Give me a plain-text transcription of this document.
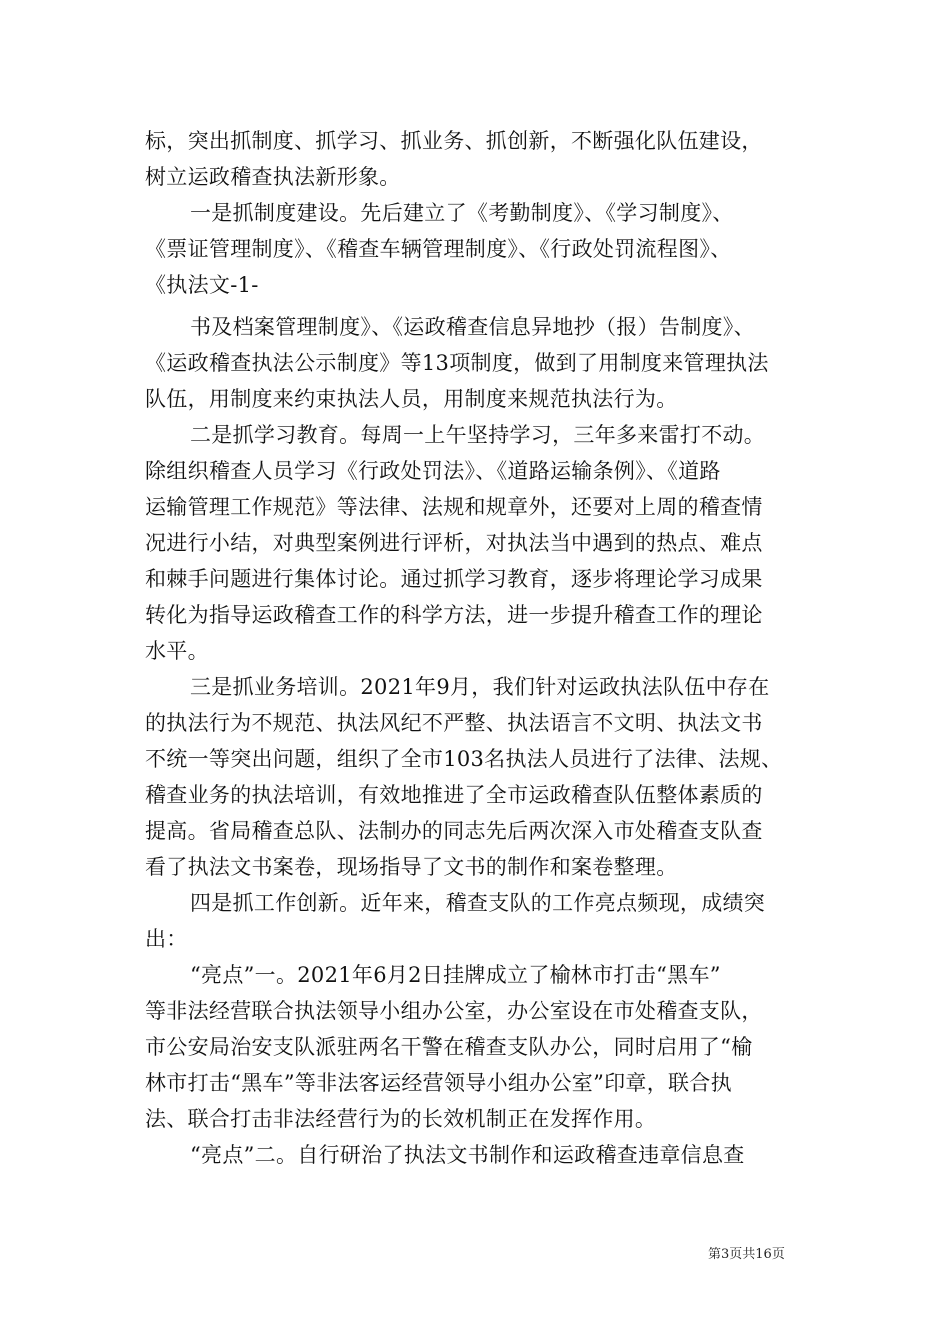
标，突出抓制度、抓学习、抓业务、抓创新，不断强化队伍建设，
树立运政稽查执法新形象。
一是抓制度建设。先后建立了《考勤制度》、《学习制度》、
《票证管理制度》、《稽查车辆管理制度》、《行政处罚流程图》、
《执法文-1-
书及档案管理制度》、《运政稽查信息异地抄（报）告制度》、
《运政稽查执法公示制度》等13项制度，做到了用制度来管理执法
队伍，用制度来约束执法人员，用制度来规范执法行为。
二是抓学习教育。每周一上午坚持学习，三年多来雷打不动。
除组织稽查人员学习《行政处罚法》、《道路运输条例》、《道路
运输管理工作规范》等法律、法规和规章外，还要对上周的稽查情
况进行小结，对典型案例进行评析，对执法当中遇到的热点、难点
和棘手问题进行集体讨论。通过抓学习教育，逐步将理论学习成果
转化为指导运政稽查工作的科学方法，进一步提升稽查工作的理论
水平。
三是抓业务培训。2021年9月，我们针对运政执法队伍中存在
的执法行为不规范、执法风纪不严整、执法语言不文明、执法文书
不统一等突出问题，组织了全市103名执法人员进行了法律、法规、
稽查业务的执法培训，有效地推进了全市运政稽查队伍整体素质的
提高。省局稽查总队、法制办的同志先后两次深入市处稽查支队查
看了执法文书案卷，现场指导了文书的制作和案卷整理。
四是抓工作创新。近年来，稽查支队的工作亮点频现，成绩突
出：
“亮点”一。2021年6月2日挂牌成立了榆林市打击“黑车”
等非法经营联合执法领导小组办公室，办公室设在市处稽查支队，
市公安局治安支队派驻两名干警在稽查支队办公，同时启用了“榆
林市打击“黑车”等非法客运经营领导小组办公室”印章，联合执
法、联合打击非法经营行为的长效机制正在发挥作用。
“亮点”二。自行研治了执法文书制作和运政稽查违章信息查
第3页共16页
